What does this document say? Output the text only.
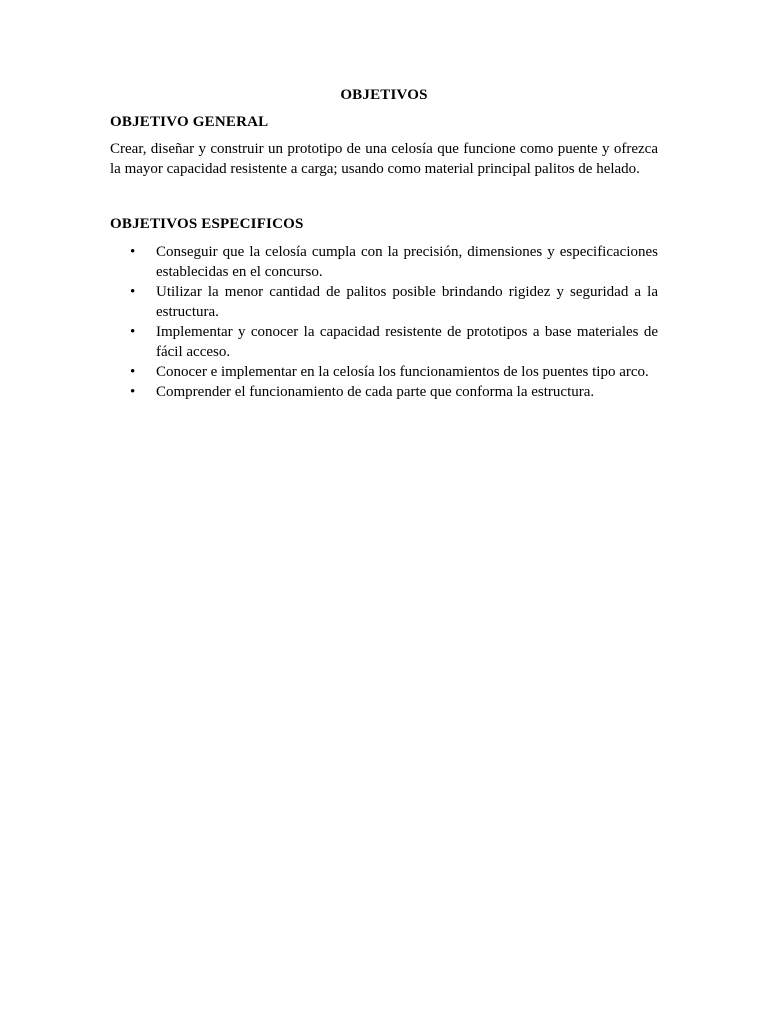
OBJETIVOS
OBJETIVO GENERAL
Crear, diseñar y construir un prototipo de una celosía que funcione como puente y ofrezca la mayor capacidad resistente a carga; usando como material principal palitos de helado.
OBJETIVOS ESPECIFICOS
•	Conseguir que la celosía cumpla con la precisión, dimensiones y especificaciones establecidas en el concurso.
•	Utilizar la menor cantidad de palitos posible brindando rigidez y seguridad a la estructura.
•	Implementar y conocer la capacidad resistente de prototipos a base materiales de fácil acceso.
•	Conocer e implementar en la celosía los funcionamientos de los puentes tipo arco.
•	Comprender el funcionamiento de cada parte que conforma la estructura.
